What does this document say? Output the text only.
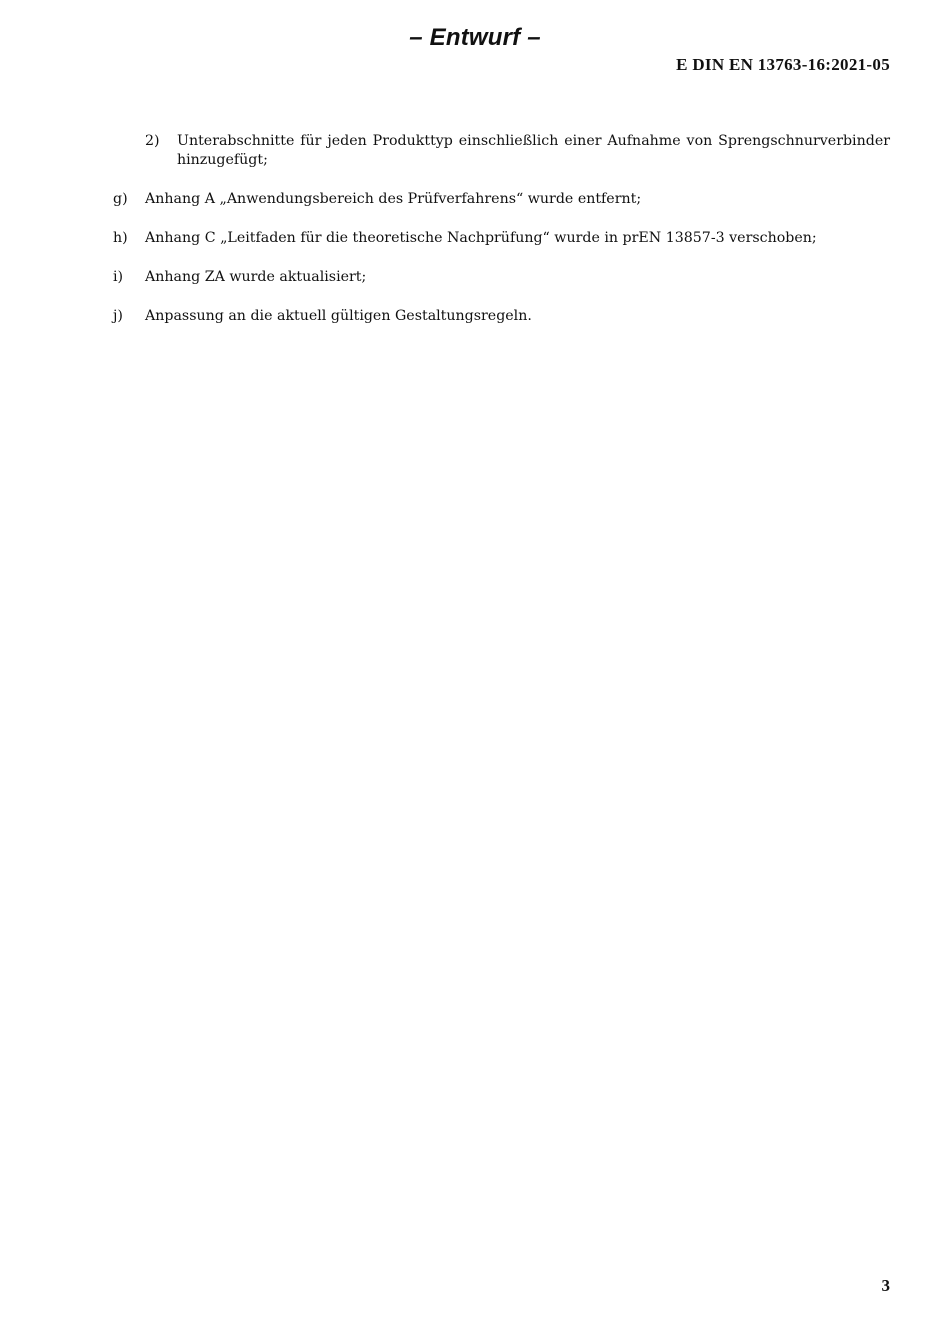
– Entwurf –
E DIN EN 13763-16:2021-05
2) Unterabschnitte für jeden Produkttyp einschließlich einer Aufnahme von Sprengschnurverbinder hinzugefügt;
g) Anhang A „Anwendungsbereich des Prüfverfahrens“ wurde entfernt;
h) Anhang C „Leitfaden für die theoretische Nachprüfung“ wurde in prEN 13857-3 verschoben;
i) Anhang ZA wurde aktualisiert;
j) Anpassung an die aktuell gültigen Gestaltungsregeln.
3
